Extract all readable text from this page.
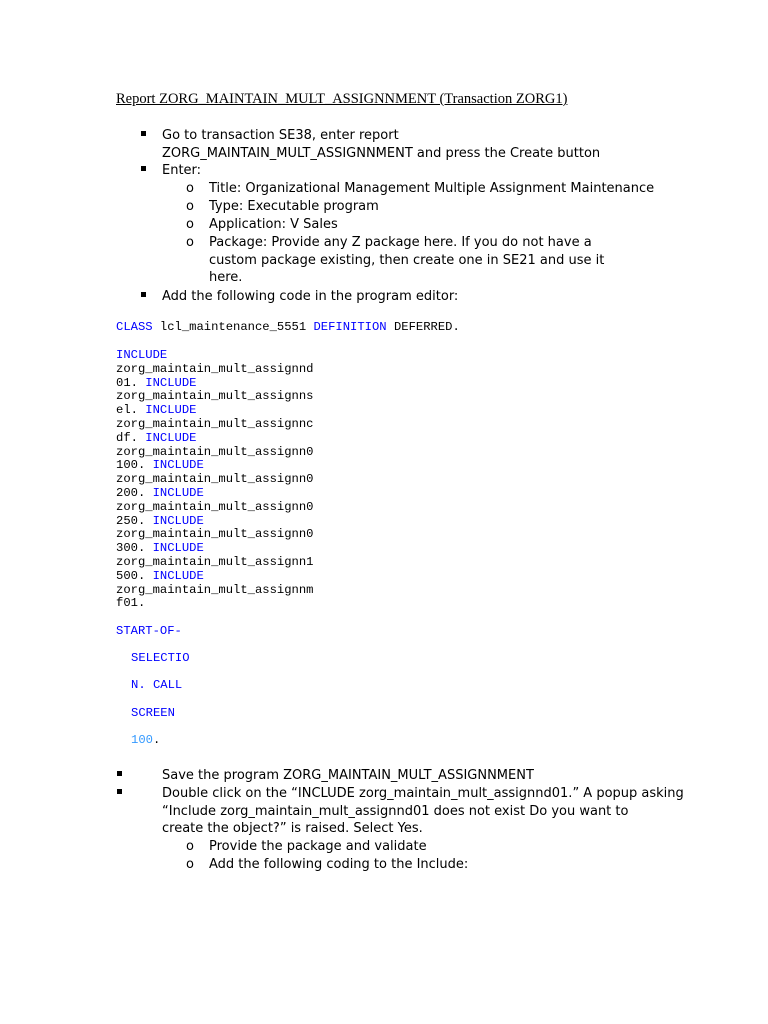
Report ZORG_MAINTAIN_MULT_ASSIGNNMENT (Transaction ZORG1)
Go to transaction SE38, enter report
ZORG_MAINTAIN_MULT_ASSIGNNMENT and press the Create button
Enter:
o Title: Organizational Management Multiple Assignment Maintenance
o Type: Executable program
o Application: V Sales
o Package: Provide any Z package here. If you do not have a
custom package existing, then create one in SE21 and use it
here.
Add the following code in the program editor:
CLASS lcl_maintenance_5551 DEFINITION DEFERRED.
INCLUDE
zorg_maintain_mult_assignnd
01. INCLUDE
zorg_maintain_mult_assignns
el. INCLUDE
zorg_maintain_mult_assignnc
df. INCLUDE
zorg_maintain_mult_assignn0
100. INCLUDE
zorg_maintain_mult_assignn0
200. INCLUDE
zorg_maintain_mult_assignn0
250. INCLUDE
zorg_maintain_mult_assignn0
300. INCLUDE
zorg_maintain_mult_assignn1
500. INCLUDE
zorg_maintain_mult_assignnm
f01.
START-OF-
SELECTIO
N. CALL
SCREEN
100.
Save the program ZORG_MAINTAIN_MULT_ASSIGNNMENT
Double click on the “INCLUDE zorg_maintain_mult_assignnd01.” A popup asking
“Include zorg_maintain_mult_assignnd01 does not exist Do you want to
create the object?” is raised. Select Yes.
o Provide the package and validate
o Add the following coding to the Include:
